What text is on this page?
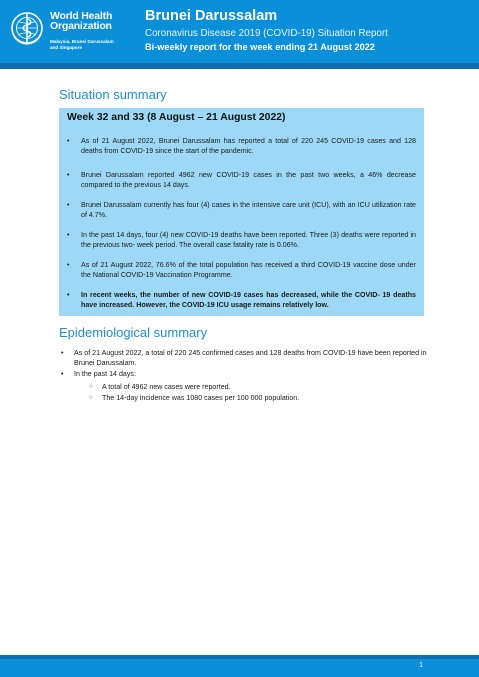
World Health
Organization
Malaysia, Brunei Darussalam
and Singapore
Brunei Darussalam
Coronavirus Disease 2019 (COVID-19) Situation Report
Bi-weekly report for the week ending 21 August 2022
Situation summary
Week 32 and 33 (8 August – 21 August 2022)
• As of 21 August 2022, Brunei Darussalam has reported a total of 220 245 COVID-19 cases and 128 deaths from COVID-19 since the start of the pandemic.
• Brunei Darussalam reported 4962 new COVID-19 cases in the past two weeks, a 46% decrease compared to the previous 14 days.
• Brunei Darussalam currently has four (4) cases in the intensive care unit (ICU), with an ICU utilization rate of 4.7%.
• In the past 14 days, four (4) new COVID-19 deaths have been reported. Three (3) deaths were reported in the previous two- week period. The overall case fatality rate is 0.06%.
• As of 21 August 2022, 76.6% of the total population has received a third COVID-19 vaccine dose under the National COVID-19 Vaccination Programme.
• In recent weeks, the number of new COVID-19 cases has decreased, while the COVID- 19 deaths have increased. However, the COVID-19 ICU usage remains relatively low.
Epidemiological summary
• As of 21 August 2022, a total of 220 245 confirmed cases and 128 deaths from COVID-19 have been reported in Brunei Darussalam.
• In the past 14 days:
○ A total of 4962 new cases were reported.
○ The 14-day incidence was 1080 cases per 100 000 population.
1
